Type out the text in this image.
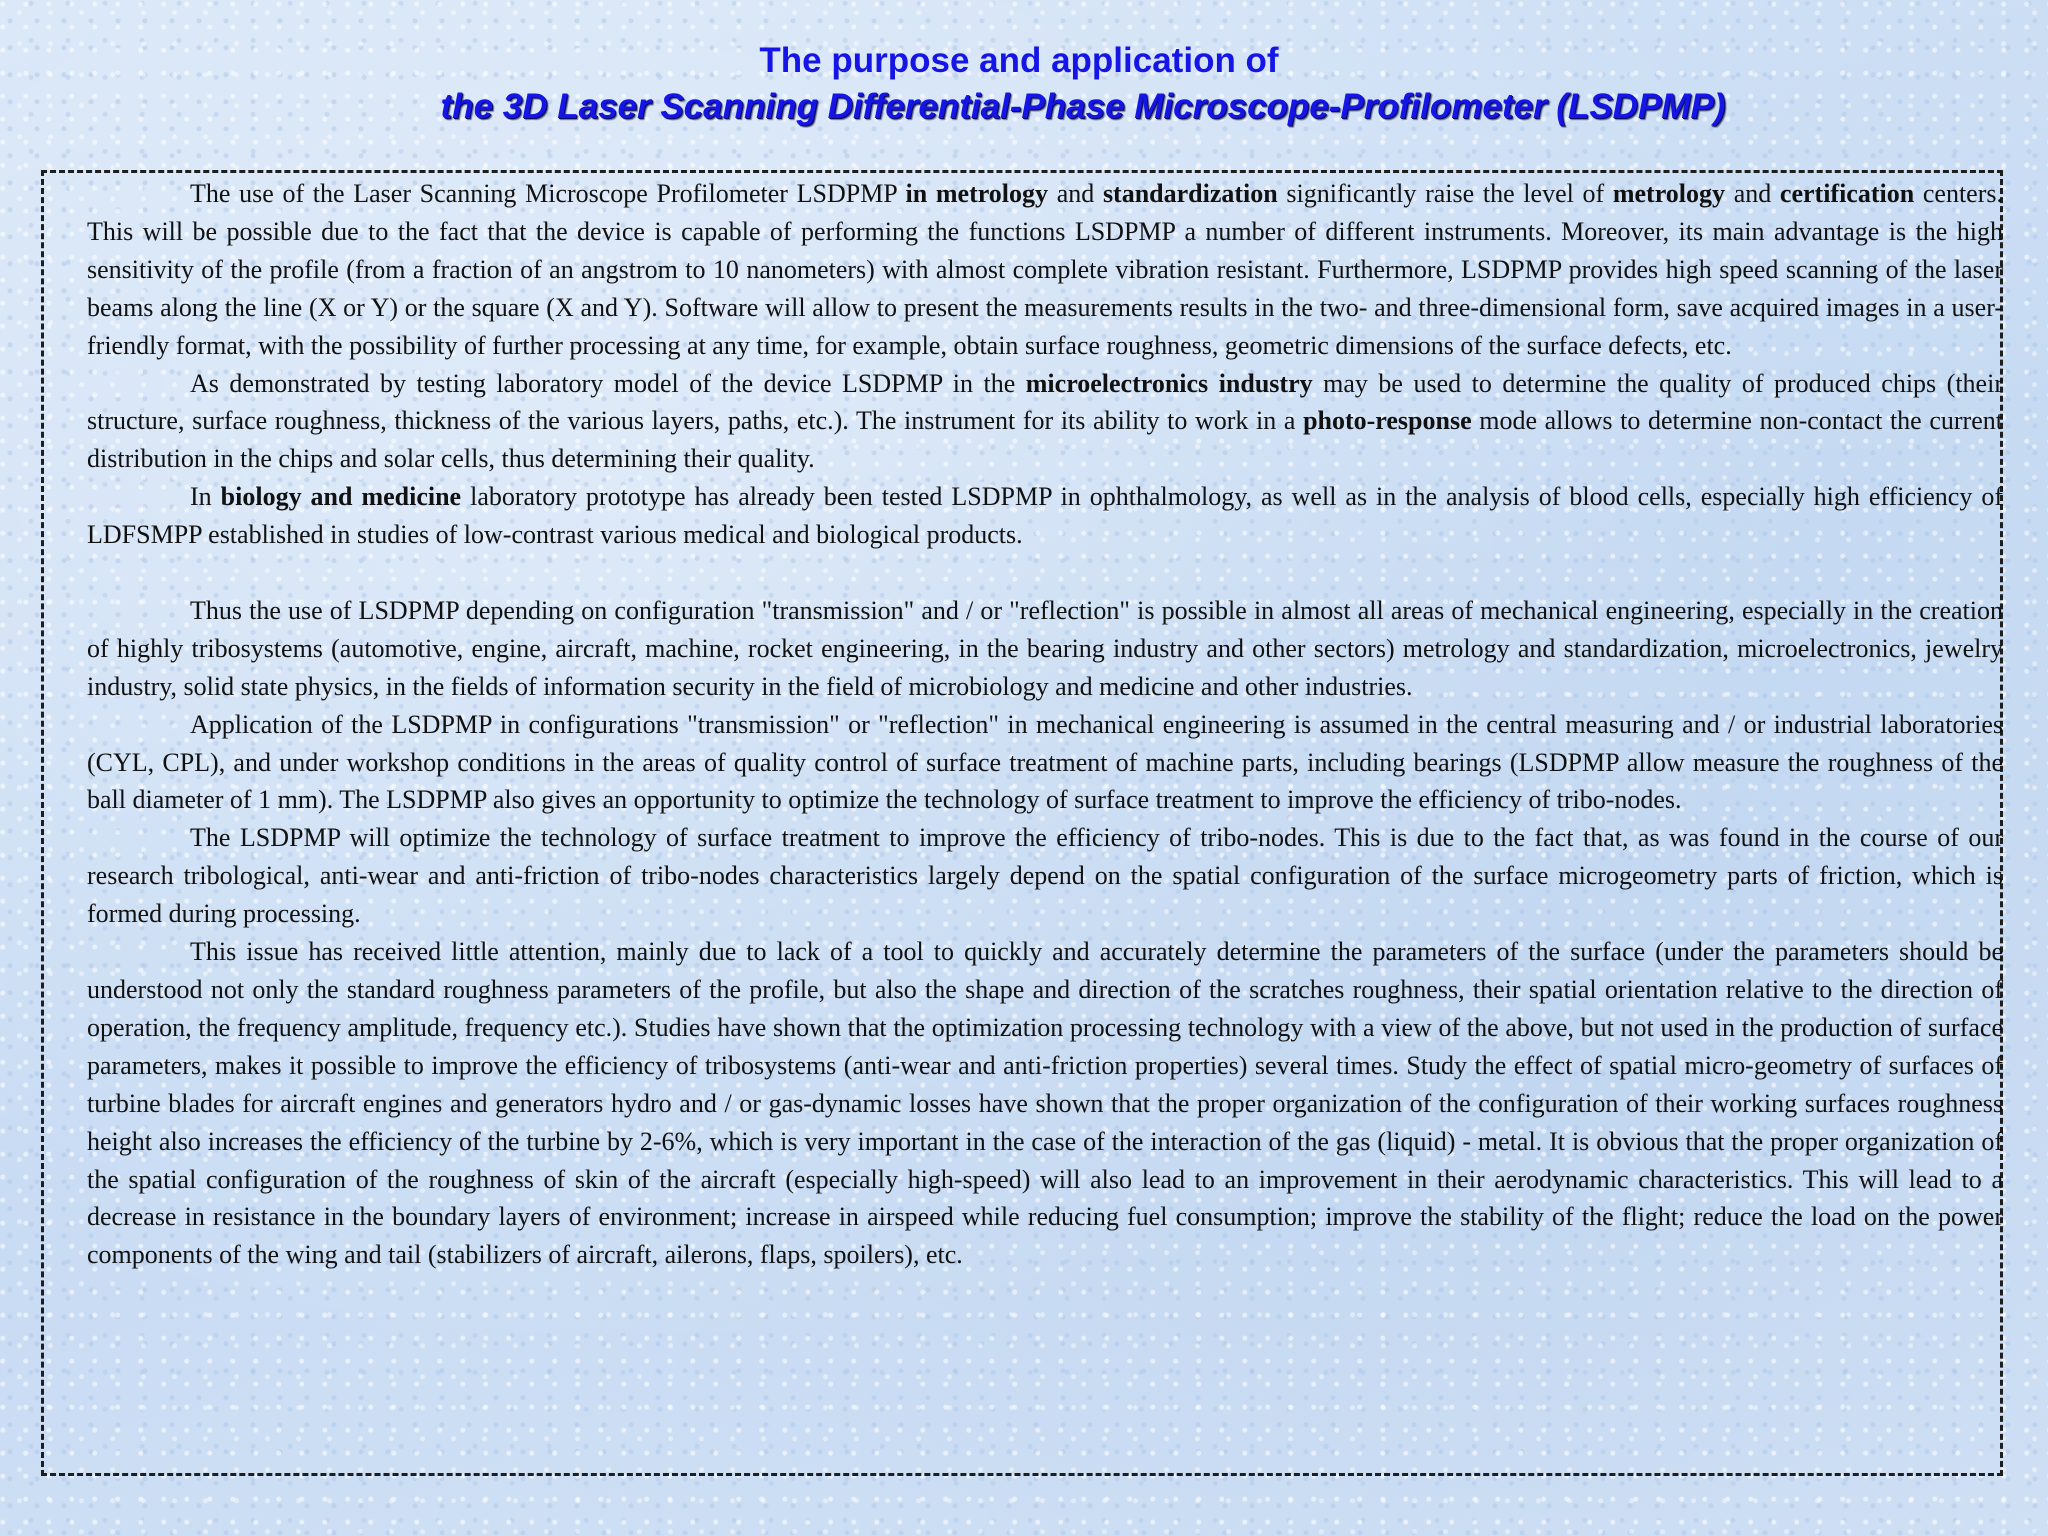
The purpose and application of
the 3D Laser Scanning Differential-Phase Microscope-Profilometer (LSDPMP)

The use of the Laser Scanning Microscope Profilometer LSDPMP in metrology and standardization significantly raise the level of metrology and certification centers. This will be possible due to the fact that the device is capable of performing the functions LSDPMP a number of different instruments. Moreover, its main advantage is the high sensitivity of the profile (from a fraction of an angstrom to 10 nanometers) with almost complete vibration resistant. Furthermore, LSDPMP provides high speed scanning of the laser beams along the line (X or Y) or the square (X and Y). Software will allow to present the measurements results in the two- and three-dimensional form, save acquired images in a user-friendly format, with the possibility of further processing at any time, for example, obtain surface roughness, geometric dimensions of the surface defects, etc.

As demonstrated by testing laboratory model of the device LSDPMP in the microelectronics industry may be used to determine the quality of produced chips (their structure, surface roughness, thickness of the various layers, paths, etc.). The instrument for its ability to work in a photo-response mode allows to determine non-contact the current distribution in the chips and solar cells, thus determining their quality.

In biology and medicine laboratory prototype has already been tested LSDPMP in ophthalmology, as well as in the analysis of blood cells, especially high efficiency of LDFSMPP established in studies of low-contrast various medical and biological products.

Thus the use of LSDPMP depending on configuration "transmission" and / or "reflection" is possible in almost all areas of mechanical engineering, especially in the creation of highly tribosystems (automotive, engine, aircraft, machine, rocket engineering, in the bearing industry and other sectors) metrology and standardization, microelectronics, jewelry industry, solid state physics, in the fields of information security in the field of microbiology and medicine and other industries.

Application of the LSDPMP in configurations "transmission" or "reflection" in mechanical engineering is assumed in the central measuring and / or industrial laboratories (CYL, CPL), and under workshop conditions in the areas of quality control of surface treatment of machine parts, including bearings (LSDPMP allow measure the roughness of the ball diameter of 1 mm). The LSDPMP also gives an opportunity to optimize the technology of surface treatment to improve the efficiency of tribo-nodes.

The LSDPMP will optimize the technology of surface treatment to improve the efficiency of tribo-nodes. This is due to the fact that, as was found in the course of our research tribological, anti-wear and anti-friction of tribo-nodes characteristics largely depend on the spatial configuration of the surface microgeometry parts of friction, which is formed during processing.

This issue has received little attention, mainly due to lack of a tool to quickly and accurately determine the parameters of the surface (under the parameters should be understood not only the standard roughness parameters of the profile, but also the shape and direction of the scratches roughness, their spatial orientation relative to the direction of operation, the frequency amplitude, frequency etc.). Studies have shown that the optimization processing technology with a view of the above, but not used in the production of surface parameters, makes it possible to improve the efficiency of tribosystems (anti-wear and anti-friction properties) several times. Study the effect of spatial micro-geometry of surfaces of turbine blades for aircraft engines and generators hydro and / or gas-dynamic losses have shown that the proper organization of the configuration of their working surfaces roughness height also increases the efficiency of the turbine by 2-6%, which is very important in the case of the interaction of the gas (liquid) - metal. It is obvious that the proper organization of the spatial configuration of the roughness of skin of the aircraft (especially high-speed) will also lead to an improvement in their aerodynamic characteristics. This will lead to a decrease in resistance in the boundary layers of environment; increase in airspeed while reducing fuel consumption; improve the stability of the flight; reduce the load on the power components of the wing and tail (stabilizers of aircraft, ailerons, flaps, spoilers), etc.
